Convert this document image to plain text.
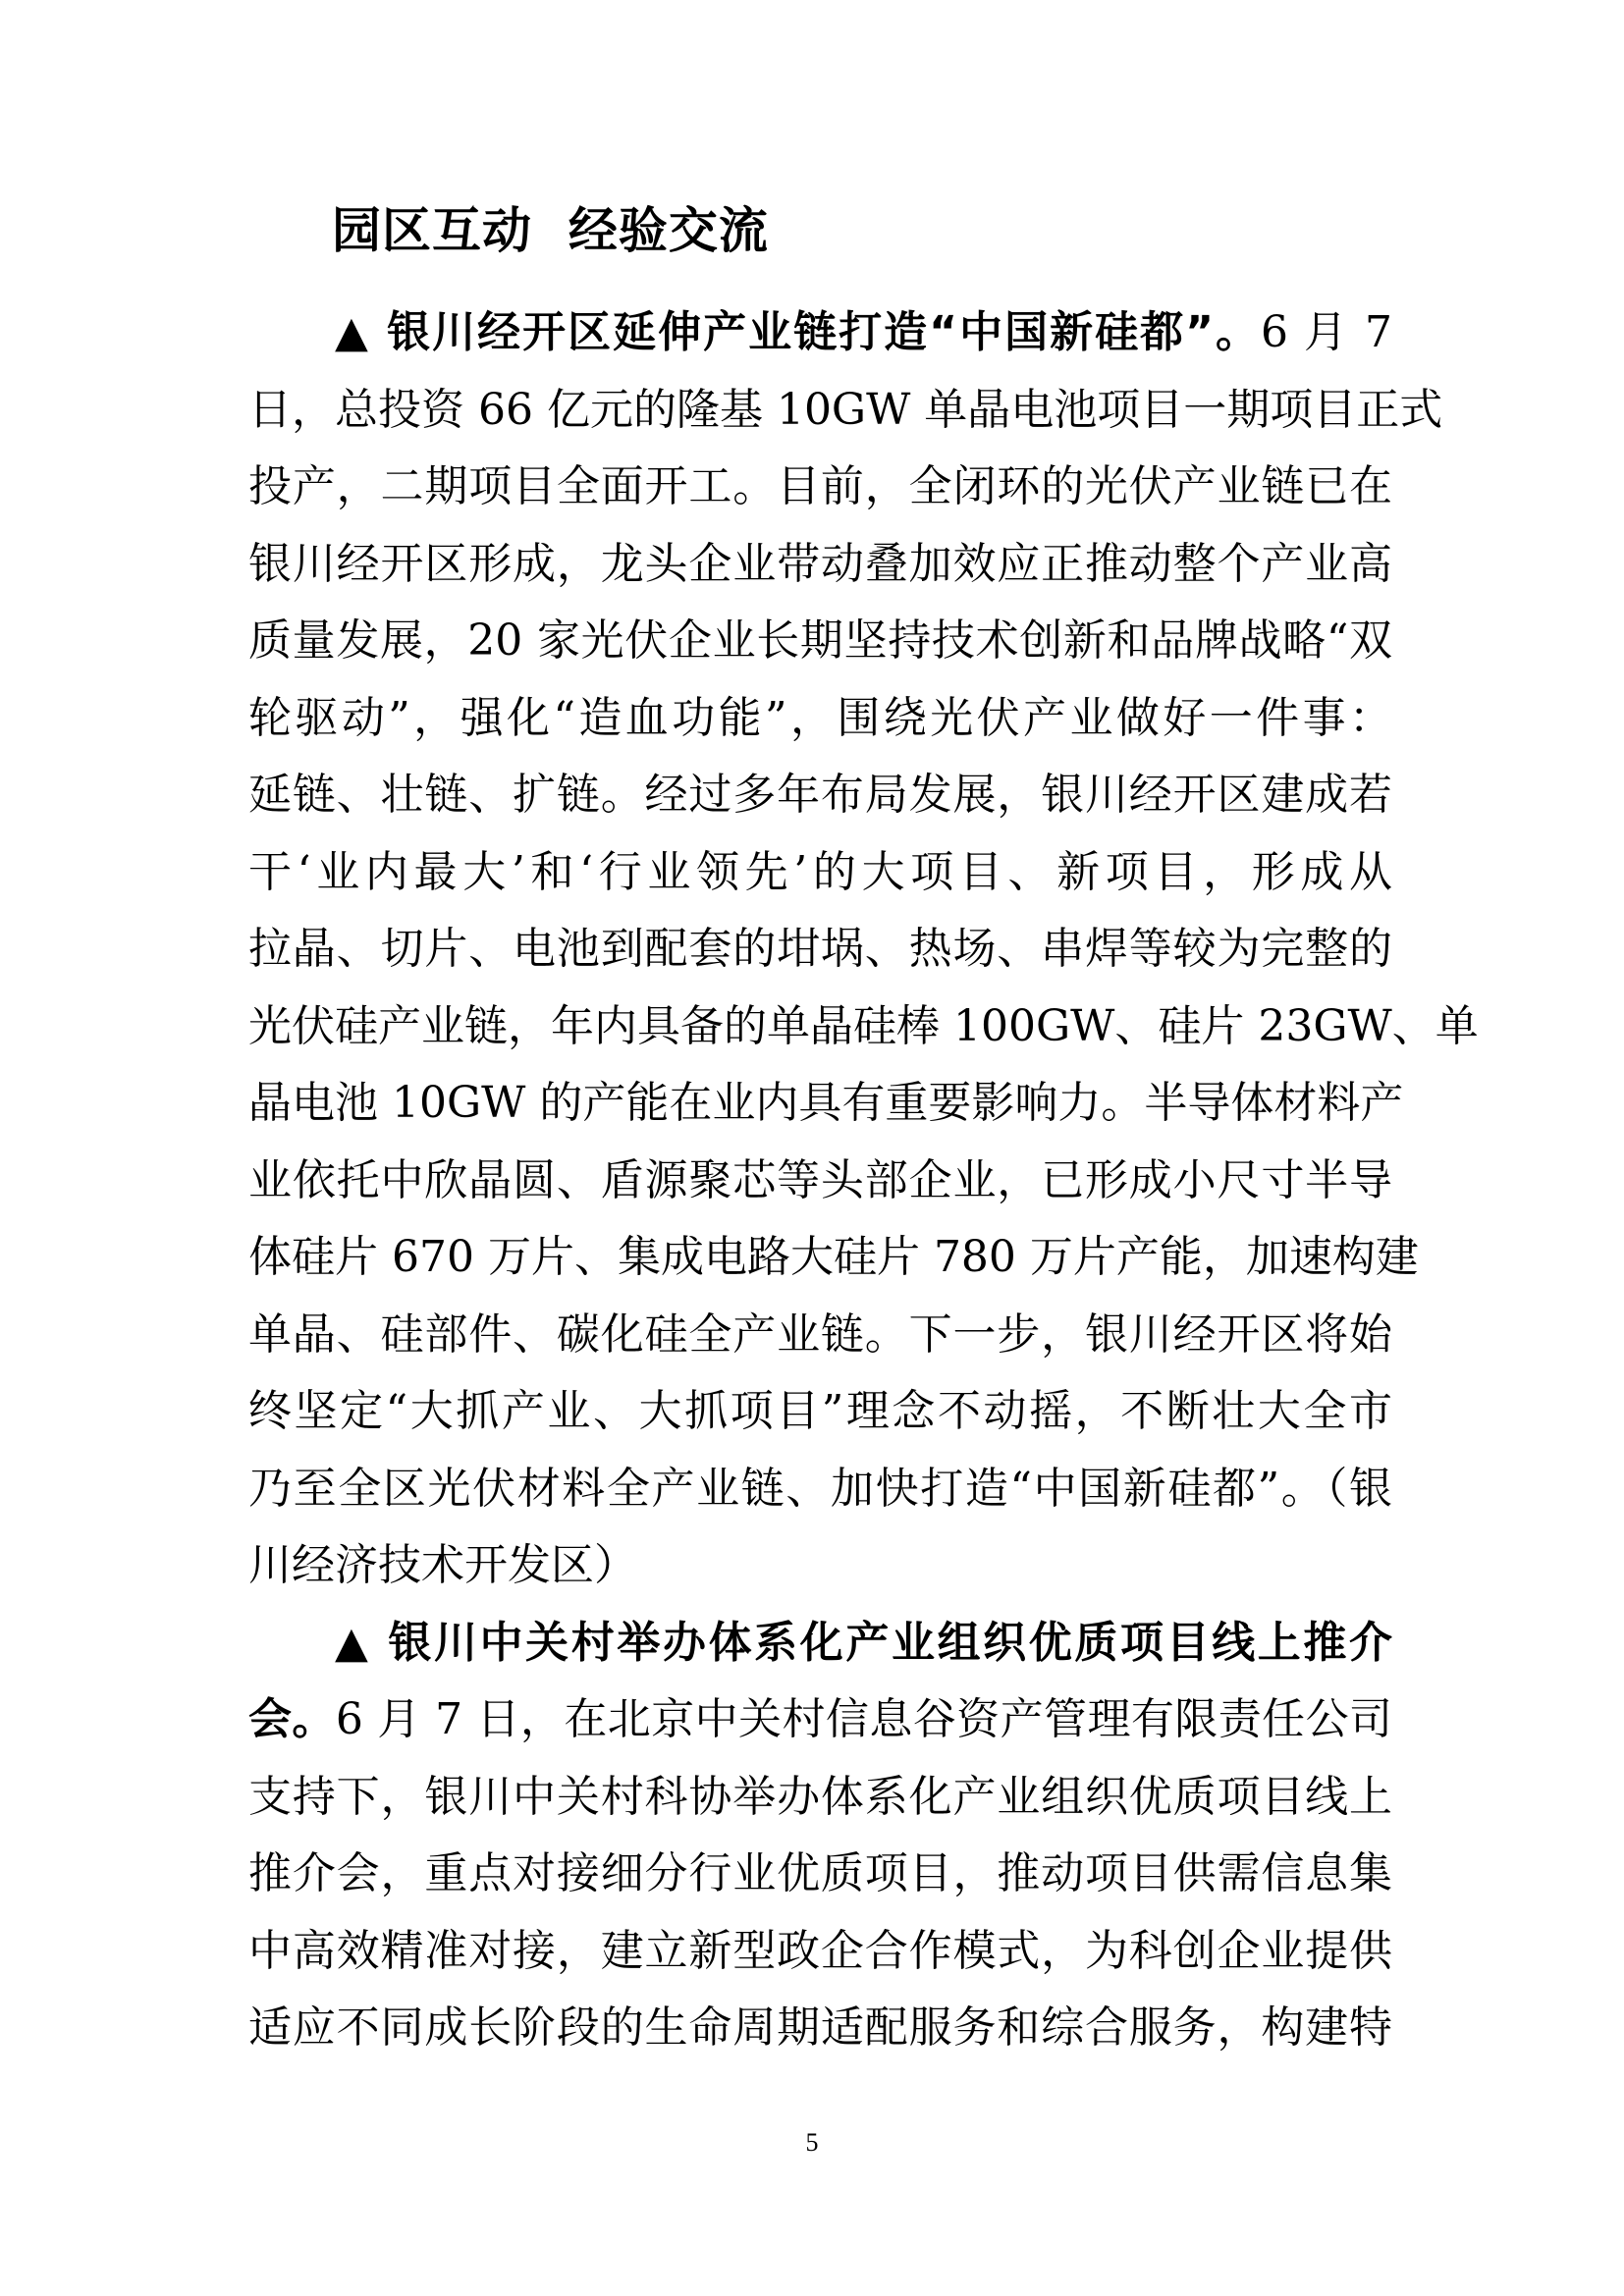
园区互动  经验交流
▲ 银川经开区延伸产业链打造“中国新硅都”。6 月 7
日，总投资 66 亿元的隆基 10GW 单晶电池项目一期项目正式
投产，二期项目全面开工。目前，全闭环的光伏产业链已在
银川经开区形成，龙头企业带动叠加效应正推动整个产业高
质量发展，20 家光伏企业长期坚持技术创新和品牌战略“双
轮驱动”，强化“造血功能”，围绕光伏产业做好一件事：
延链、壮链、扩链。经过多年布局发展，银川经开区建成若
干‘业内最大’和‘行业领先’的大项目、新项目，形成从
拉晶、切片、电池到配套的坩埚、热场、串焊等较为完整的
光伏硅产业链，年内具备的单晶硅棒 100GW、硅片 23GW、单
晶电池 10GW 的产能在业内具有重要影响力。半导体材料产
业依托中欣晶圆、盾源聚芯等头部企业，已形成小尺寸半导
体硅片 670 万片、集成电路大硅片 780 万片产能，加速构建
单晶、硅部件、碳化硅全产业链。下一步，银川经开区将始
终坚定“大抓产业、大抓项目”理念不动摇，不断壮大全市
乃至全区光伏材料全产业链、加快打造“中国新硅都”。（银
川经济技术开发区）
▲ 银川中关村举办体系化产业组织优质项目线上推介
会。6 月 7 日，在北京中关村信息谷资产管理有限责任公司
支持下，银川中关村科协举办体系化产业组织优质项目线上
推介会，重点对接细分行业优质项目，推动项目供需信息集
中高效精准对接，建立新型政企合作模式，为科创企业提供
适应不同成长阶段的生命周期适配服务和综合服务，构建特
5
